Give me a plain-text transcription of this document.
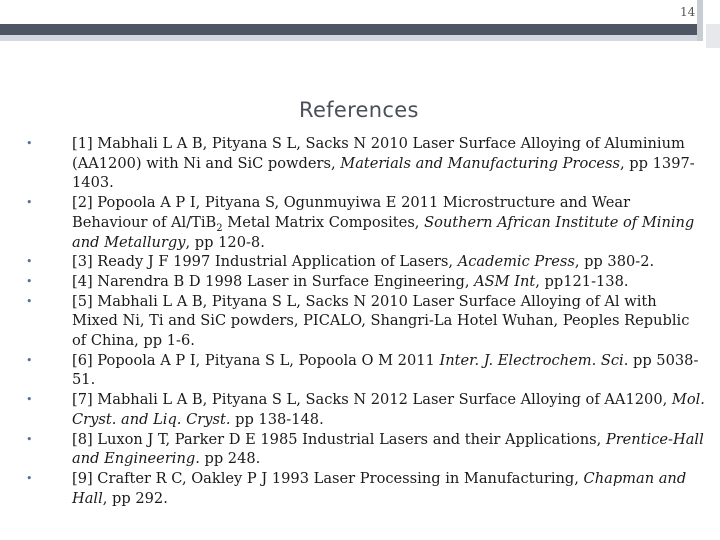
14
References
•	[1] Mabhali L A B, Pityana S L, Sacks N 2010 Laser Surface Alloying of Aluminium (AA1200) with Ni and SiC powders, Materials and Manufacturing Process, pp 1397-1403.
•	[2] Popoola A P I, Pityana S, Ogunmuyiwa E 2011 Microstructure and Wear Behaviour of Al/TiB$_2$ Metal Matrix Composites, Southern African Institute of Mining and Metallurgy, pp 120-8.
•	[3] Ready J F 1997 Industrial Application of Lasers, Academic Press, pp 380-2.
•	[4] Narendra B D 1998 Laser in Surface Engineering, ASM Int, pp121-138.
•	[5] Mabhali L A B, Pityana S L, Sacks N 2010 Laser Surface Alloying of Al with Mixed Ni, Ti and SiC powders, PICALO, Shangri-La Hotel Wuhan, Peoples Republic of China, pp 1-6.
•	[6] Popoola A P I, Pityana S L, Popoola O M 2011 Inter. J. Electrochem. Sci. pp 5038-51.
•	[7] Mabhali L A B, Pityana S L, Sacks N 2012 Laser Surface Alloying of AA1200, Mol. Cryst. and Liq. Cryst. pp 138-148.
•	[8] Luxon J T, Parker D E 1985 Industrial Lasers and their Applications, Prentice-Hall and Engineering. pp 248.
•	[9] Crafter R C, Oakley P J 1993 Laser Processing in Manufacturing, Chapman and Hall, pp 292.
